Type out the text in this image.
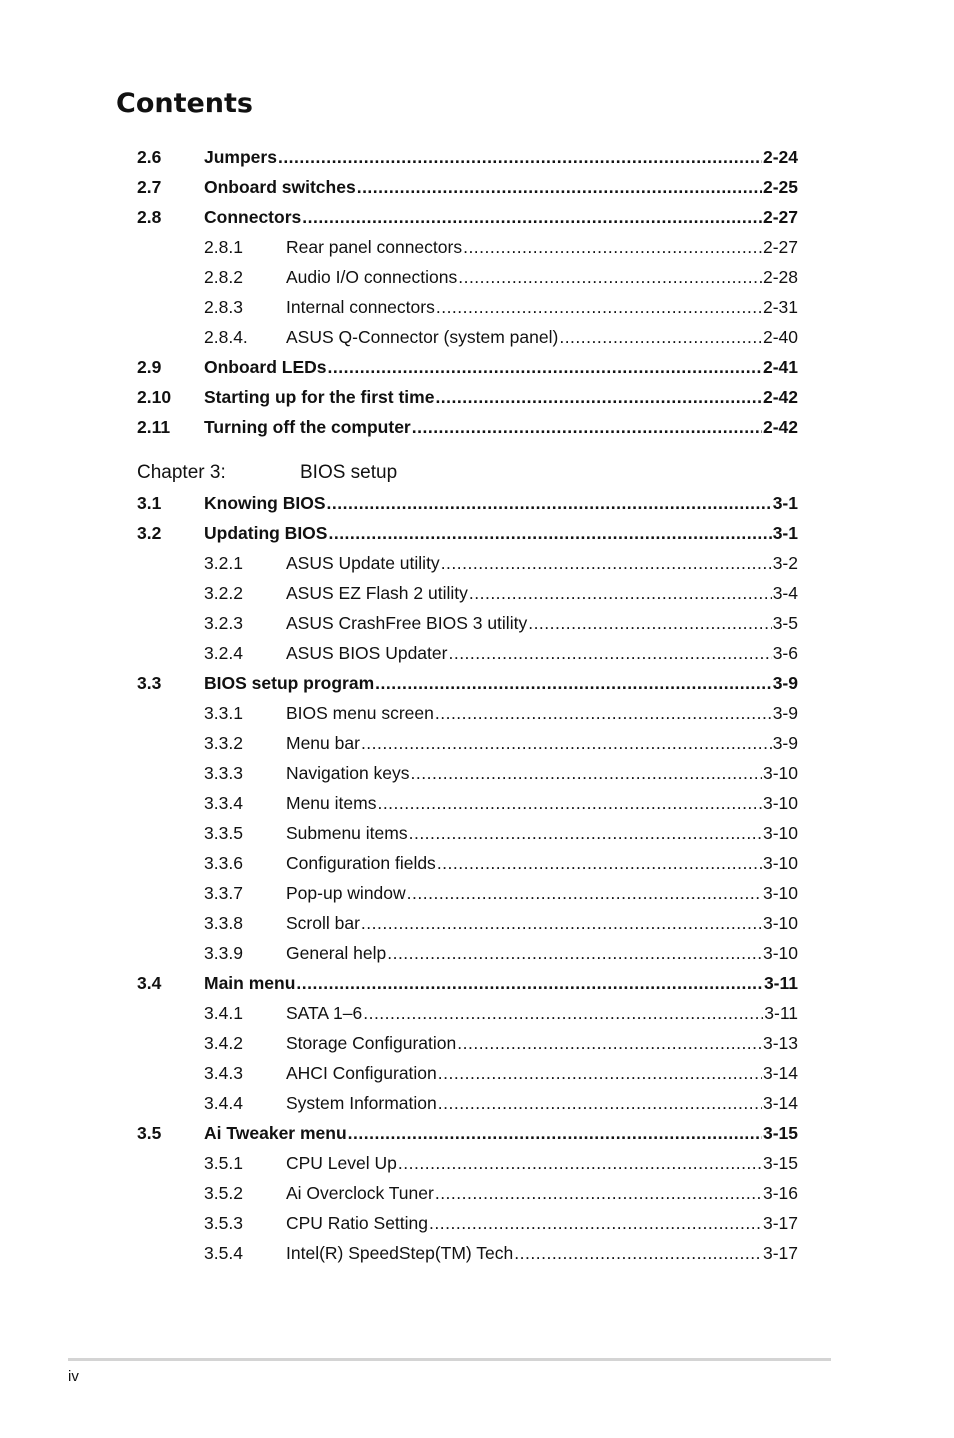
Contents
2.6 Jumpers .....	2-24
2.7 Onboard switches .....	2-25
2.8 Connectors .....	2-27
2.8.1 Rear panel connectors .....	2-27
2.8.2 Audio I/O connections .....	2-28
2.8.3 Internal connectors .....	2-31
2.8.4. ASUS Q-Connector (system panel) .....	2-40
2.9 Onboard LEDs .....	2-41
2.10 Starting up for the first time .....	2-42
2.11 Turning off the computer .....	2-42
Chapter 3:	BIOS setup
3.1 Knowing BIOS .....	3-1
3.2 Updating BIOS .....	3-1
3.2.1 ASUS Update utility .....	3-2
3.2.2 ASUS EZ Flash 2 utility .....	3-4
3.2.3 ASUS CrashFree BIOS 3 utility .....	3-5
3.2.4 ASUS BIOS Updater .....	3-6
3.3 BIOS setup program .....	3-9
3.3.1 BIOS menu screen .....	3-9
3.3.2 Menu bar .....	3-9
3.3.3 Navigation keys .....	3-10
3.3.4 Menu items .....	3-10
3.3.5 Submenu items .....	3-10
3.3.6 Configuration fields .....	3-10
3.3.7 Pop-up window .....	3-10
3.3.8 Scroll bar .....	3-10
3.3.9 General help .....	3-10
3.4 Main menu .....	3-11
3.4.1 SATA 1–6 .....	3-11
3.4.2 Storage Configuration .....	3-13
3.4.3 AHCI Configuration .....	3-14
3.4.4 System Information .....	3-14
3.5 Ai Tweaker menu .....	3-15
3.5.1 CPU Level Up .....	3-15
3.5.2 Ai Overclock Tuner .....	3-16
3.5.3 CPU Ratio Setting .....	3-17
3.5.4 Intel(R) SpeedStep(TM) Tech .....	3-17
iv
